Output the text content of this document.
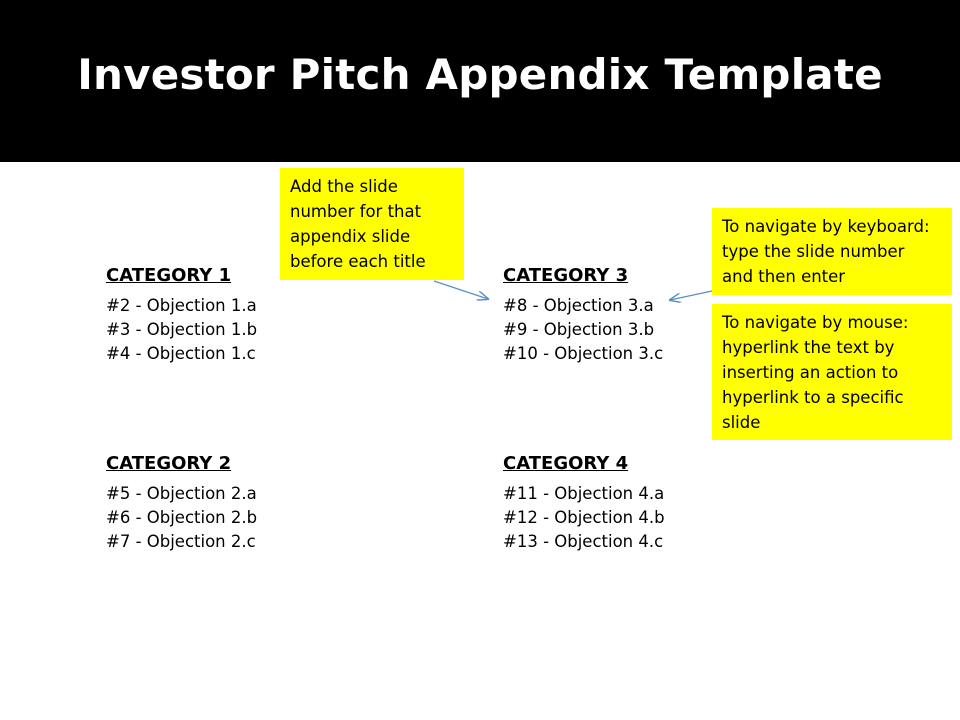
Investor Pitch Appendix Template
CATEGORY 1
#2 - Objection 1.a
#3 - Objection 1.b
#4 - Objection 1.c
CATEGORY 3
#8 - Objection 3.a
#9 - Objection 3.b
#10 - Objection 3.c
CATEGORY 2
#5 - Objection 2.a
#6 - Objection 2.b
#7 - Objection 2.c
CATEGORY 4
#11 - Objection 4.a
#12 - Objection 4.b
#13 - Objection 4.c
Add the slide
number for that
appendix slide
before each title
To navigate by keyboard:
type the slide number
and then enter
To navigate by mouse:
hyperlink the text by
inserting an action to
hyperlink to a specific
slide
